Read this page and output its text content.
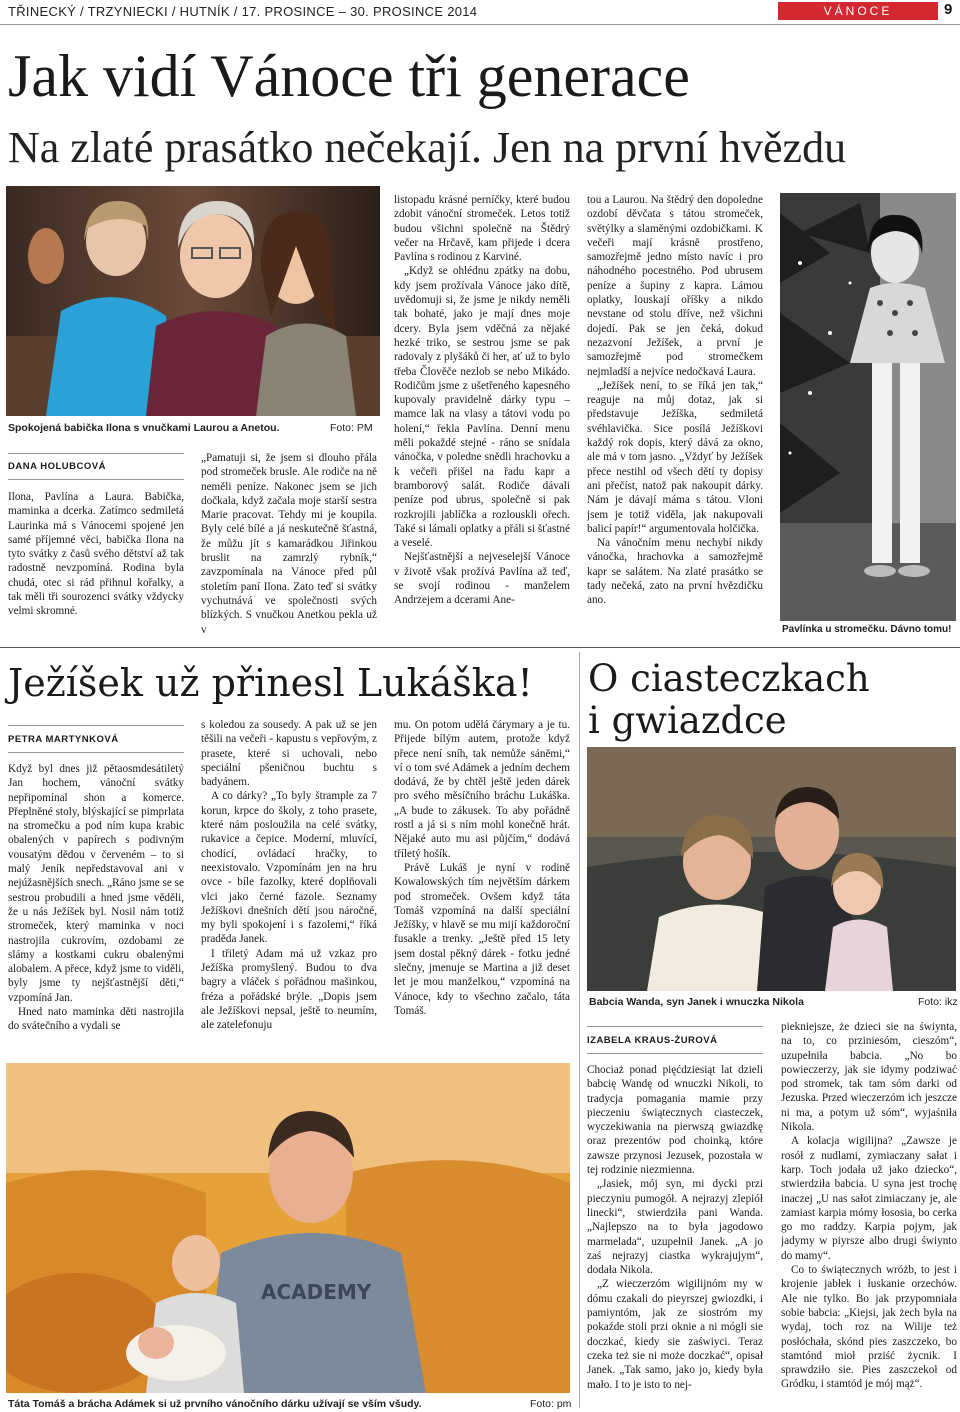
TŘINECKÝ / TRZYNIECKI / HUTNÍK / 17. PROSINCE – 30. PROSINCE 2014	VÁNOCE	9
Jak vidí Vánoce tři generace
Na zlaté prasátko nečekají. Jen na první hvězdu
Spokojená babička Ilona s vnučkami Laurou a Anetou.	Foto: PM
DANA HOLUBCOVÁ

Ilona, Pavlína a Laura. Babička, maminka a dcerka. Zatímco sedmiletá Laurinka má s Vánocemi spojené jen samé příjemné věci, babička Ilona na tyto svátky z časů svého dětství až tak radostně nevzpomíná. Rodina byla chudá, otec si rád přihnul kořalky, a tak měli tři sourozenci svátky vždycky velmi skromné.

„Pamatuji si, že jsem si dlouho přála pod stromeček brusle. Ale rodiče na ně neměli peníze. Nakonec jsem se jich dočkala, když začala moje starší sestra Marie pracovat. Tehdy mi je koupila. Byly celé bílé a já neskutečně šťastná, že můžu jít s kamarádkou Jiřinkou bruslit na zamrzlý rybník,“ zavzpomínala na Vánoce před půl stoletím paní Ilona. Zato teď si svátky vychutnává ve společnosti svých blízkých. S vnučkou Anetkou pekla už v

listopadu krásné perníčky, které budou zdobit vánoční stromeček. Letos totiž budou všichni společně na Štědrý večer na Hrčavě, kam přijede i dcera Pavlína s rodinou z Karviné.

„Když se ohlédnu zpátky na dobu, kdy jsem prožívala Vánoce jako dítě, uvědomuji si, že jsme je nikdy neměli tak bohaté, jako je mají dnes moje dcery. Byla jsem vděčná za nějaké hezké triko, se sestrou jsme se pak radovaly z plyšáků či her, ať už to bylo třeba Člověče nezlob se nebo Mikádo. Rodičům jsme z ušetřeného kapesného kupovaly pravidelně dárky typu – mamce lak na vlasy a tátovi vodu po holení,“ řekla Pavlína. Denní menu měli pokaždé stejné - ráno se snídala vánočka, v poledne snědli hrachovku a k večeři přišel na řadu kapr a bramborový salát. Rodiče dávali peníze pod ubrus, společně si pak rozkrojili jablíčka a rozlouskli ořech. Také si lámali oplatky a přáli si šťastné a veselé.

Nejšťastnější a nejveselejší Vánoce v životě však prožívá Pavlína až teď, se svojí rodinou - manželem Andrzejem a dcerami Ane-

tou a Laurou. Na štědrý den dopoledne ozdobí děvčata s tátou stromeček, světýlky a slaměnými ozdobičkami. K večeři mají krásně prostřeno, samozřejmě jedno místo navíc i pro náhodného pocestného. Pod ubrusem peníze a šupiny z kapra. Lámou oplatky, louskají oříšky a nikdo nevstane od stolu dříve, než všichni dojedí. Pak se jen čeká, dokud nezazvoní Ježíšek, a první je samozřejmě pod stromečkem nejmladší a nejvíce nedočkavá Laura.

„Ježíšek není, to se říká jen tak,“ reaguje na můj dotaz, jak si představuje Ježíška, sedmiletá svéhlavička. Sice posílá Ježíškovi každý rok dopis, který dává za okno, ale má v tom jasno. „Vždyť by Ježíšek přece nestihl od všech dětí ty dopisy ani přečíst, natož pak nakoupit dárky. Nám je dávají máma s tátou. Vloni jsem je totiž viděla, jak nakupovali balicí papír!“ argumentovala holčička.

Na vánočním menu nechybí nikdy vánočka, hrachovka a samozřejmě kapr se salátem. Na zlaté prasátko se tady nečeká, zato na první hvězdičku ano.

Pavlínka u stromečku. Dávno tomu!
Ježíšek už přinesl Lukáška!
PETRA MARTYNKOVÁ

Když byl dnes již pětaosmdesátiletý Jan hochem, vánoční svátky nepřipomínal shon a komerce. Přeplněné stoly, blýskající se pimprlata na stromečku a pod ním kupa krabic obalených v papírech s podivným vousatým dědou v červeném – to si malý Jeník nepředstavoval ani v nejúžasnějších snech. „Ráno jsme se se sestrou probudili a hned jsme věděli, že u nás Ježíšek byl. Nosil nám totiž stromeček, který maminka v noci nastrojila cukrovím, ozdobami ze slámy a kostkami cukru obalenými alobalem. A přece, když jsme to viděli, byly jsme ty nejšťastnější děti,“ vzpomíná Jan.

Hned nato maminka děti nastrojila do svátečního a vydali se

s koledou za sousedy. A pak už se jen těšili na večeři - kapustu s vepřovým, z prasete, které si uchovali, nebo speciální pšeničnou buchtu s badyánem.

A co dárky? „To byly štrample za 7 korun, krpce do školy, z toho prasete, které nám posloužila na celé svátky, rukavice a čepice. Moderní, mluvící, chodící, ovládací hračky, to neexistovalo. Vzpomínám jen na hru ovce - bíle fazolky, které doplňovali vlci jako černé fazole. Seznamy Ježíškovi dnešních dětí jsou náročné, my byli spokojení i s fazolemi,“ říká praděda Janek.

I třiletý Adam má už vzkaz pro Ježíška promyšlený. Budou to dva bagry a vláček s pořádnou mašinkou, fréza a pořádské brýle. „Dopis jsem ale Ježíškovi nepsal, ještě to neumím, ale zatelefonuju

mu. On potom udělá čárymary a je tu. Přijede bílým autem, protože když přece není sníh, tak nemůže sáněmi,“ ví o tom své Adámek a jedním dechem dodává, že by chtěl ještě jeden dárek pro svého měsíčního bráchu Lukáška. „A bude to zákusek. To aby pořádně rostl a já si s ním mohl konečně hrát. Nějaké auto mu asi půjčím,“ dodává tříletý hošík.

Právě Lukáš je nyní v rodině Kowalowských tím největším dárkem pod stromeček. Ovšem když táta Tomáš vzpomíná na další speciální Ježíšky, v hlavě se mu mijí každoroční fusakle a trenky. „Ještě před 15 lety jsem dostal pěkný dárek - fotku jedné slečny, jmenuje se Martina a již deset let je mou manželkou,“ vzpomíná na Vánoce, kdy to všechno začalo, táta Tomáš.

ACADEMY
Táta Tomáš a brácha Adámek si už prvního vánočního dárku užívají se vším všudy.	Foto: pm
O ciasteczkach
i gwiazdce
Babcia Wanda, syn Janek i wnuczka Nikola	Foto: ikz
IZABELA KRAUS-ŻUROVÁ

Chociaż ponad pięćdziesiąt lat dzieli babcię Wandę od wnuczki Nikoli, to tradycja pomagania mamie przy pieczeniu świątecznych ciasteczek, wyczekiwania na pierwszą gwiazdkę oraz prezentów pod choinką, które zawsze przynosi Jezusek, pozostała w tej rodzinie niezmienna.

„Jasiek, mój syn, mi dycki przi pieczyniu pumogół. A nejrazyj zlepiół linecki“, stwierdziła pani Wanda. „Najlepszo na to była jagodowo marmelada“, uzupełnił Janek. „A jo zaś nejrazyj ciastka wykrajujym“, dodała Nikola.

„Z wieczerzóm wigilijnóm my w dómu czakali do pieyrszej gwiozdki, i pamiyntóm, jak ze siostróm my pokaźde stoli przi oknie a ni mógli sie doczkać, kiedy sie zaświyci. Teraz czeka też sie ni może doczkać“, opisał Janek. „Tak samo, jako jo, kiedy była mało. I to je isto to nej-

piekniejsze, że dzieci sie na świynta, na to, co prziniesóm, cieszóm“, uzupełniła babcia. „No bo powieczerzy, jak sie idymy podziwać pod stromek, tak tam sóm darki od Jezuska. Przed wieczerzóm ich jeszcze ni ma, a potym už sóm“, wyjaśniła Nikola.

A kolacja wigilijna? „Zawsze je rosół z nudlami, zymiaczany sałat i karp. Toch jodała už jako dziecko“, stwierdziła babcia. U syna jest trochę inaczej „U nas sałot zimiaczany je, ale zamiast karpia mómy łososia, bo cerka go mo raddzy. Karpia pojym, jak jadymy w piyrsze albo drugi świynto do mamy“.

Co to świątecznych wróżb, to jest i krojenie jabłek i łuskanie orzechów. Ale nie tylko. Bo jak przypomniała sobie babcia: „Kiejsi, jak żech była na wydaj, toch roz na Wilije też posłóchała, skónd pies zaszczeko, bo stamtónd mioł prziść życnik. I sprawdziło sie. Pies zaszczekoł od Gródku, i stamtód je mój mąż“.
